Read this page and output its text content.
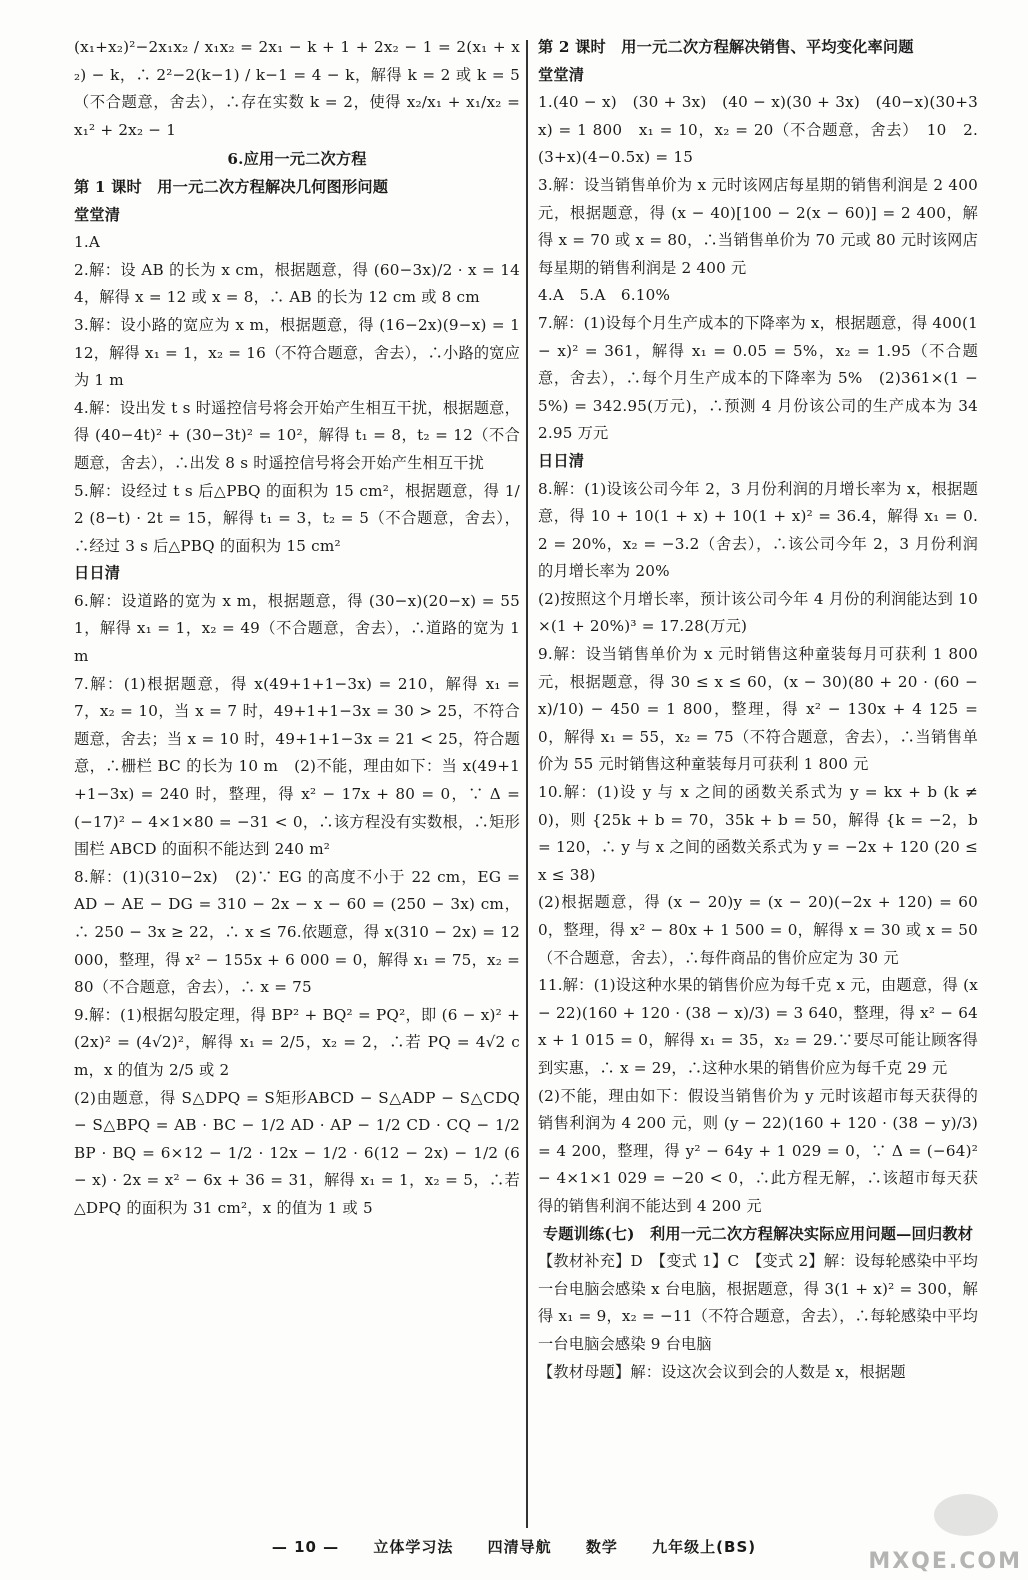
(x₁+x₂)²−2x₁x₂ / x₁x₂ = 2x₁ − k + 1 + 2x₂ − 1 = 2(x₁ + x₂) − k，∴ 2²−2(k−1) / k−1 = 4 − k，解得 k = 2 或 k = 5（不合题意，舍去），∴存在实数 k = 2，使得 x₂/x₁ + x₁/x₂ = x₁² + 2x₂ − 1

6.应用一元二次方程

第 1 课时　用一元二次方程解决几何图形问题

堂堂清

1.A

2.解：设 AB 的长为 x cm，根据题意，得 (60−3x)/2 · x = 144，解得 x = 12 或 x = 8，∴ AB 的长为 12 cm 或 8 cm

3.解：设小路的宽应为 x m，根据题意，得 (16−2x)(9−x) = 112，解得 x₁ = 1，x₂ = 16（不符合题意，舍去），∴小路的宽应为 1 m

4.解：设出发 t s 时遥控信号将会开始产生相互干扰，根据题意，得 (40−4t)² + (30−3t)² = 10²，解得 t₁ = 8，t₂ = 12（不合题意，舍去），∴出发 8 s 时遥控信号将会开始产生相互干扰

5.解：设经过 t s 后△PBQ 的面积为 15 cm²，根据题意，得 1/2 (8−t) · 2t = 15，解得 t₁ = 3，t₂ = 5（不合题意，舍去），∴经过 3 s 后△PBQ 的面积为 15 cm²

日日清

6.解：设道路的宽为 x m，根据题意，得 (30−x)(20−x) = 551，解得 x₁ = 1，x₂ = 49（不合题意，舍去），∴道路的宽为 1 m

7.解：(1)根据题意，得 x(49+1+1−3x) = 210，解得 x₁ = 7，x₂ = 10，当 x = 7 时，49+1+1−3x = 30 > 25，不符合题意，舍去；当 x = 10 时，49+1+1−3x = 21 < 25，符合题意，∴栅栏 BC 的长为 10 m　(2)不能，理由如下：当 x(49+1+1−3x) = 240 时，整理，得 x² − 17x + 80 = 0，∵ Δ = (−17)² − 4×1×80 = −31 < 0，∴该方程没有实数根，∴矩形围栏 ABCD 的面积不能达到 240 m²

8.解：(1)(310−2x)　(2)∵ EG 的高度不小于 22 cm，EG = AD − AE − DG = 310 − 2x − x − 60 = (250 − 3x) cm，∴ 250 − 3x ≥ 22，∴ x ≤ 76.依题意，得 x(310 − 2x) = 12 000，整理，得 x² − 155x + 6 000 = 0，解得 x₁ = 75，x₂ = 80（不合题意，舍去），∴ x = 75

9.解：(1)根据勾股定理，得 BP² + BQ² = PQ²，即 (6 − x)² + (2x)² = (4√2)²，解得 x₁ = 2/5，x₂ = 2，∴若 PQ = 4√2 cm，x 的值为 2/5 或 2

(2)由题意，得 S△DPQ = S矩形ABCD − S△ADP − S△CDQ − S△BPQ = AB · BC − 1/2 AD · AP − 1/2 CD · CQ − 1/2 BP · BQ = 6×12 − 1/2 · 12x − 1/2 · 6(12 − 2x) − 1/2 (6 − x) · 2x = x² − 6x + 36 = 31，解得 x₁ = 1，x₂ = 5，∴若△DPQ 的面积为 31 cm²，x 的值为 1 或 5

第 2 课时　用一元二次方程解决销售、平均变化率问题

堂堂清

1.(40 − x)　(30 + 3x)　(40 − x)(30 + 3x)　(40−x)(30+3x) = 1 800　x₁ = 10，x₂ = 20（不合题意，舍去）　10　2.(3+x)(4−0.5x) = 15

3.解：设当销售单价为 x 元时该网店每星期的销售利润是 2 400 元，根据题意，得 (x − 40)[100 − 2(x − 60)] = 2 400，解得 x = 70 或 x = 80，∴当销售单价为 70 元或 80 元时该网店每星期的销售利润是 2 400 元

4.A　5.A　6.10%

7.解：(1)设每个月生产成本的下降率为 x，根据题意，得 400(1 − x)² = 361，解得 x₁ = 0.05 = 5%，x₂ = 1.95（不合题意，舍去），∴每个月生产成本的下降率为 5%　(2)361×(1 − 5%) = 342.95(万元)，∴预测 4 月份该公司的生产成本为 342.95 万元

日日清

8.解：(1)设该公司今年 2，3 月份利润的月增长率为 x，根据题意，得 10 + 10(1 + x) + 10(1 + x)² = 36.4，解得 x₁ = 0.2 = 20%，x₂ = −3.2（舍去），∴该公司今年 2，3 月份利润的月增长率为 20%

(2)按照这个月增长率，预计该公司今年 4 月份的利润能达到 10×(1 + 20%)³ = 17.28(万元)

9.解：设当销售单价为 x 元时销售这种童装每月可获利 1 800 元，根据题意，得 30 ≤ x ≤ 60，(x − 30)(80 + 20 · (60 − x)/10) − 450 = 1 800，整理，得 x² − 130x + 4 125 = 0，解得 x₁ = 55，x₂ = 75（不符合题意，舍去），∴当销售单价为 55 元时销售这种童装每月可获利 1 800 元

10.解：(1)设 y 与 x 之间的函数关系式为 y = kx + b (k ≠ 0)，则 {25k + b = 70，35k + b = 50，解得 {k = −2，b = 120，∴ y 与 x 之间的函数关系式为 y = −2x + 120 (20 ≤ x ≤ 38)

(2)根据题意，得 (x − 20)y = (x − 20)(−2x + 120) = 600，整理，得 x² − 80x + 1 500 = 0，解得 x = 30 或 x = 50（不合题意，舍去），∴每件商品的售价应定为 30 元

11.解：(1)设这种水果的销售价应为每千克 x 元，由题意，得 (x − 22)(160 + 120 · (38 − x)/3) = 3 640，整理，得 x² − 64x + 1 015 = 0，解得 x₁ = 35，x₂ = 29.∵要尽可能让顾客得到实惠，∴ x = 29，∴这种水果的销售价应为每千克 29 元

(2)不能，理由如下：假设当销售价为 y 元时该超市每天获得的销售利润为 4 200 元，则 (y − 22)(160 + 120 · (38 − y)/3) = 4 200，整理，得 y² − 64y + 1 029 = 0，∵ Δ = (−64)² − 4×1×1 029 = −20 < 0，∴此方程无解，∴该超市每天获得的销售利润不能达到 4 200 元

专题训练(七)　利用一元二次方程解决实际应用问题—回归教材

【教材补充】D　【变式 1】C　【变式 2】解：设每轮感染中平均一台电脑会感染 x 台电脑，根据题意，得 3(1 + x)² = 300，解得 x₁ = 9，x₂ = −11（不符合题意，舍去），∴每轮感染中平均一台电脑会感染 9 台电脑

【教材母题】解：设这次会议到会的人数是 x，根据题

— 10 — 立体学习法 四清导航 数学 九年级上(BS)
MXQE.COM
